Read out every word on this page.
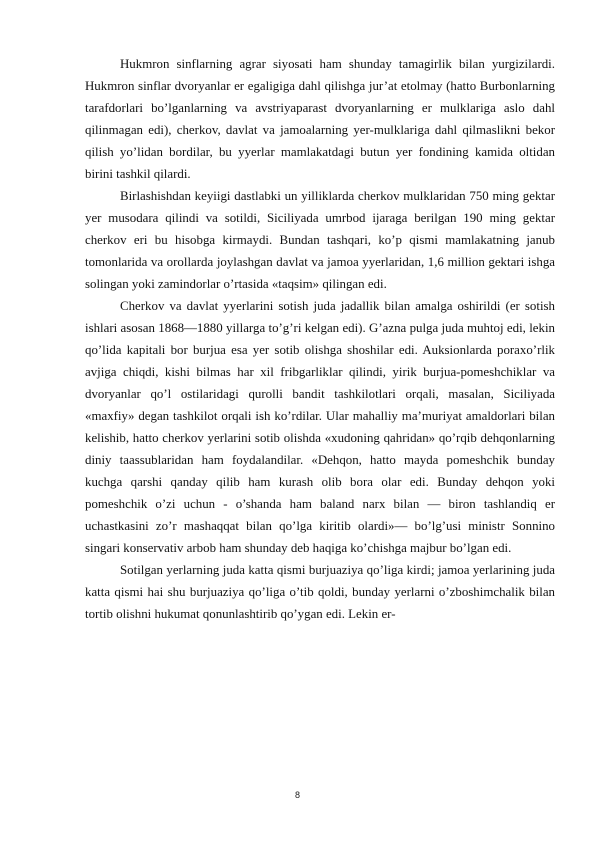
Hukmron sinflarning agrar siyosati ham shunday tamagirlik bilan yurgizilardi. Hukmron sinflar dvoryanlar er egaligiga dahl qilishga jur’at etolmay (hatto Burbonlarning tarafdorlari bo’lganlarning va avstriyaparast dvoryanlarning er mulklariga aslo dahl qilinmagan edi), cherkov, davlat va jamoalarning yer-mulklariga dahl qilmaslikni bekor qilish yo’lidan bordilar, bu yyerlar mamlakatdagi butun yer fondining kamida oltidan birini tashkil qilardi.

Birlashishdan keyiigi dastlabki un yilliklarda cherkov mulklaridan 750 ming gektar yer musodara qilindi va sotildi, Siciliyada umrbod ijaraga berilgan 190 ming gektar cherkov eri bu hisobga kirmaydi. Bundan tashqari, ko’p qismi mamlakatning janub tomonlarida va orollarda joylashgan davlat va jamoa yyerlaridan, 1,6 million gektari ishga solingan yoki zamindorlar o’rtasida «taqsim» qilingan edi.

Cherkov va davlat yyerlarini sotish juda jadallik bilan amalga oshirildi (er sotish ishlari asosan 1868—1880 yillarga to’g’ri kelgan edi). G’azna pulga juda muhtoj edi, lekin qo’lida kapitali bor burjua esa yer sotib olishga shoshilar edi. Auksionlarda poraxo’rlik avjiga chiqdi, kishi bilmas har xil fribgarliklar qilindi, yirik burjua-pomeshchiklar va dvoryanlar qo’l ostilaridagi qurolli bandit tashkilotlari orqali, masalan, Siciliyada «maxfiy» degan tashkilot orqali ish ko’rdilar. Ular mahalliy ma’muriyat amaldorlari bilan kelishib, hatto cherkov yerlarini sotib olishda «xudoning qahridan» qo’rqib dehqonlarning diniy taassublaridan ham foydalandilar. «Dehqon, hatto mayda pomeshchik bunday kuchga qarshi qanday qilib ham kurash olib bora olar edi. Bunday dehqon yoki pomeshchik o’zi uchun - o’shanda ham baland narx bilan — biron tashlandiq er uchastkasini zo’r mashaqqat bilan qo’lga kiritib olardi»— bo’lg’usi ministr Sonnino singari konservativ arbob ham shunday deb haqiga ko’chishga majbur bo’lgan edi.

Sotilgan yerlarning juda katta qismi burjuaziya qo’liga kirdi; jamoa yerlarining juda katta qismi hai shu burjuaziya qo’liga o’tib qoldi, bunday yerlarni o’zboshimchalik bilan tortib olishni hukumat qonunlashtirib qo’ygan edi. Lekin er-

8
